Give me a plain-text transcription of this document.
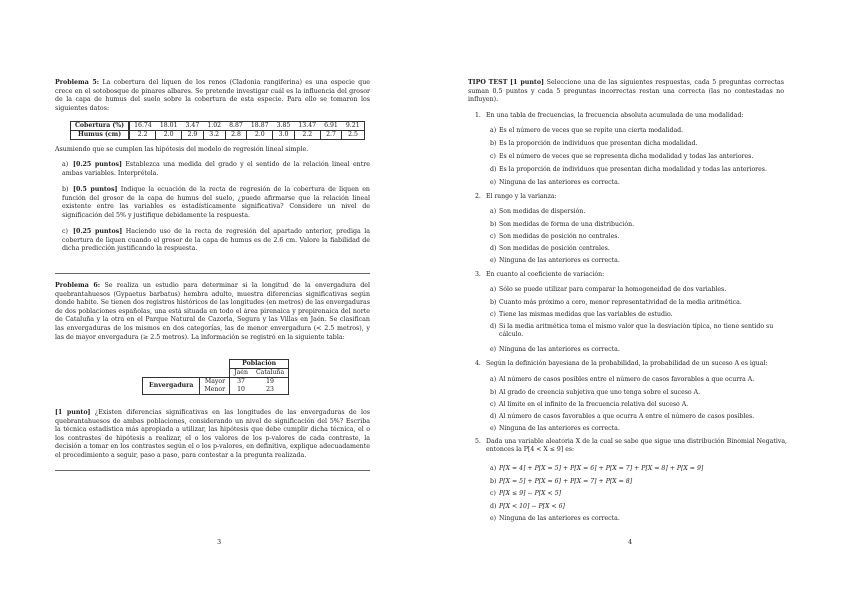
Problema 5: La cobertura del liquen de los renos (Cladonia rangiferina) es una especie que crece en el sotobosque de pinares albares. Se pretende investigar cuál es la influencia del grosor de la capa de humus del suelo sobre la cobertura de esta especie. Para ello se tomaron los siguientes datos:
Cobertura (%)	16.74	18.01	3.47	1.02	8.87	18.87	3.85	13.47	6.91	9.21
Humus (cm)	2.2	2.0	2.9	3.2	2.8	2.0	3.0	2.2	2.7	2.5
Asumiendo que se cumplen las hipótesis del modelo de regresión lineal simple.
a) [0.25 puntos] Establezca una medida del grado y el sentido de la relación lineal entre ambas variables. Interprétela.
b) [0.5 puntos] Indique la ecuación de la recta de regresión de la cobertura de liquen en función del grosor de la capa de humus del suelo, ¿puede afirmarse que la relación lineal existente entre las variables es estadísticamente significativa? Considere un nivel de significación del 5% y justifique debidamente la respuesta.
c) [0.25 puntos] Haciendo uso de la recta de regresión del apartado anterior, prediga la cobertura de liquen cuando el grosor de la capa de humus es de 2.6 cm. Valore la fiabilidad de dicha predicción justificando la respuesta.
Problema 6: Se realiza un estudio para determinar si la longitud de la envergadura del quebrantahuesos (Gypaetus barbatus) hembra adulto, muestra diferencias significativas según donde habite. Se tienen dos registros históricos de las longitudes (en metros) de las envergaduras de dos poblaciones españolas, una está situada en todo el área pirenaica y prepirenaica del norte de Cataluña y la otra en el Parque Natural de Cazorla, Segura y las Villas en Jaén. Se clasifican las envergaduras de los mismos en dos categorías, las de menor envergadura (< 2.5 metros), y las de mayor envergadura (≥ 2.5 metros). La información se registró en la siguiente tabla:
		Población	
		Jaén	Cataluña
Envergadura	Mayor	37	19
	Menor	10	23
[1 punto] ¿Existen diferencias significativas en las longitudes de las envergaduras de los quebrantahuesos de ambas poblaciones, considerando un nivel de significación del 5%? Escriba la técnica estadística más apropiada a utilizar, las hipótesis que debe cumplir dicha técnica, el o los contrastes de hipótesis a realizar, el o los valores de los p-valores de cada contraste, la decisión a tomar en los contrastes según el o los p-valores, en definitiva, explique adecuadamente el procedimiento a seguir, paso a paso, para contestar a la pregunta realizada.
3
TIPO TEST [1 punto] Seleccione una de las siguientes respuestas, cada 5 preguntas correctas suman 0.5 puntos y cada 5 preguntas incorrectas restan una correcta (las no contestadas no influyen).
1. En una tabla de frecuencias, la frecuencia absoluta acumulada de una modalidad:
a) Es el número de veces que se repite una cierta modalidad.
b) Es la proporción de individuos que presentan dicha modalidad.
c) Es el número de veces que se representa dicha modalidad y todas las anteriores.
d) Es la proporción de individuos que presentan dicha modalidad y todas las anteriores.
e) Ninguna de las anteriores es correcta.
2. El rango y la varianza:
a) Son medidas de dispersión.
b) Son medidas de forma de una distribución.
c) Son medidas de posición no centrales.
d) Son medidas de posición centrales.
e) Ninguna de las anteriores es correcta.
3. En cuanto al coeficiente de variación:
a) Sólo se puede utilizar para comparar la homogeneidad de dos variables.
b) Cuanto más próximo a cero, menor representatividad de la media aritmética.
c) Tiene las mismas medidas que las variables de estudio.
d) Si la media aritmética toma el mismo valor que la desviación típica, no tiene sentido su cálculo.
e) Ninguna de las anteriores es correcta.
4. Según la definición bayesiana de la probabilidad, la probabilidad de un suceso A es igual:
a) Al número de casos posibles entre el número de casos favorables a que ocurra A.
b) Al grado de creencia subjetiva que uno tenga sobre el suceso A.
c) Al límite en el infinito de la frecuencia relativa del suceso A.
d) Al número de casos favorables a que ocurra A entre el número de casos posibles.
e) Ninguna de las anteriores es correcta.
5. Dada una variable aleatoria X de la cual se sabe que sigue una distribución Binomial Negativa, entonces la P[4 < X ≤ 9] es:
a) P[X = 4] + P[X = 5] + P[X = 6] + P[X = 7] + P[X = 8] + P[X = 9]
b) P[X = 5] + P[X = 6] + P[X = 7] + P[X = 8]
c) P[X ≤ 9] − P[X < 5]
d) P[X < 10] − P[X < 6]
e) Ninguna de las anteriores es correcta.
4
